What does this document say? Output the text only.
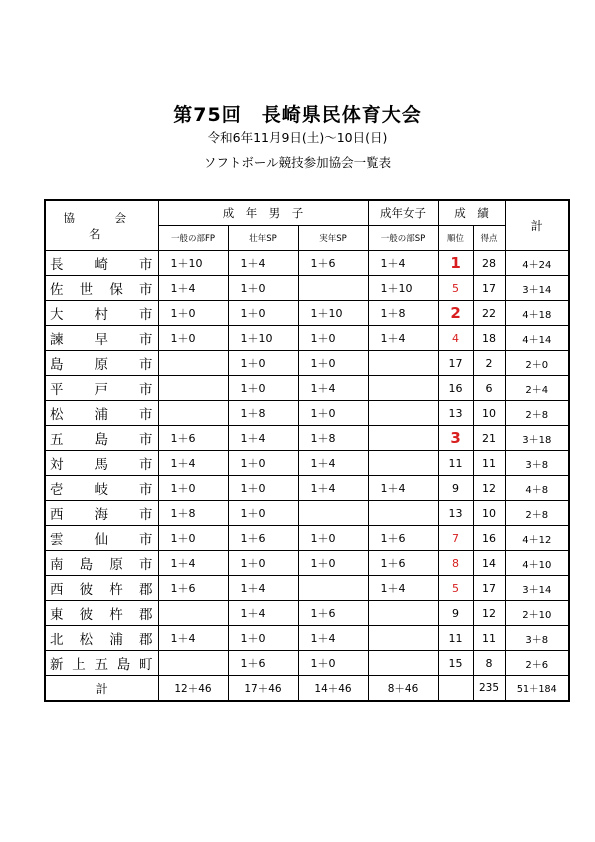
第75回　長崎県民体育大会
令和6年11月9日(土)～10日(日)
ソフトボール競技参加協会一覧表
協　会　名	成　年　男　子			成年女子	成　績		計
	一般の部FP	壮年SP	実年SP	一般の部SP	順位	得点	
長崎市	1＋10	1＋4	1＋6	1＋4	1	28	4＋24
佐世保市	1＋4	1＋0		1＋10	5	17	3＋14
大村市	1＋0	1＋0	1＋10	1＋8	2	22	4＋18
諫早市	1＋0	1＋10	1＋0	1＋4	4	18	4＋14
島原市		1＋0	1＋0		17	2	2＋0
平戸市		1＋0	1＋4		16	6	2＋4
松浦市		1＋8	1＋0		13	10	2＋8
五島市	1＋6	1＋4	1＋8		3	21	3＋18
対馬市	1＋4	1＋0	1＋4		11	11	3＋8
壱岐市	1＋0	1＋0	1＋4	1＋4	9	12	4＋8
西海市	1＋8	1＋0			13	10	2＋8
雲仙市	1＋0	1＋6	1＋0	1＋6	7	16	4＋12
南島原市	1＋4	1＋0	1＋0	1＋6	8	14	4＋10
西彼杵郡	1＋6	1＋4		1＋4	5	17	3＋14
東彼杵郡		1＋4	1＋6		9	12	2＋10
北松浦郡	1＋4	1＋0	1＋4		11	11	3＋8
新上五島町		1＋6	1＋0		15	8	2＋6
計	12＋46	17＋46	14＋46	8＋46		235	51＋184
